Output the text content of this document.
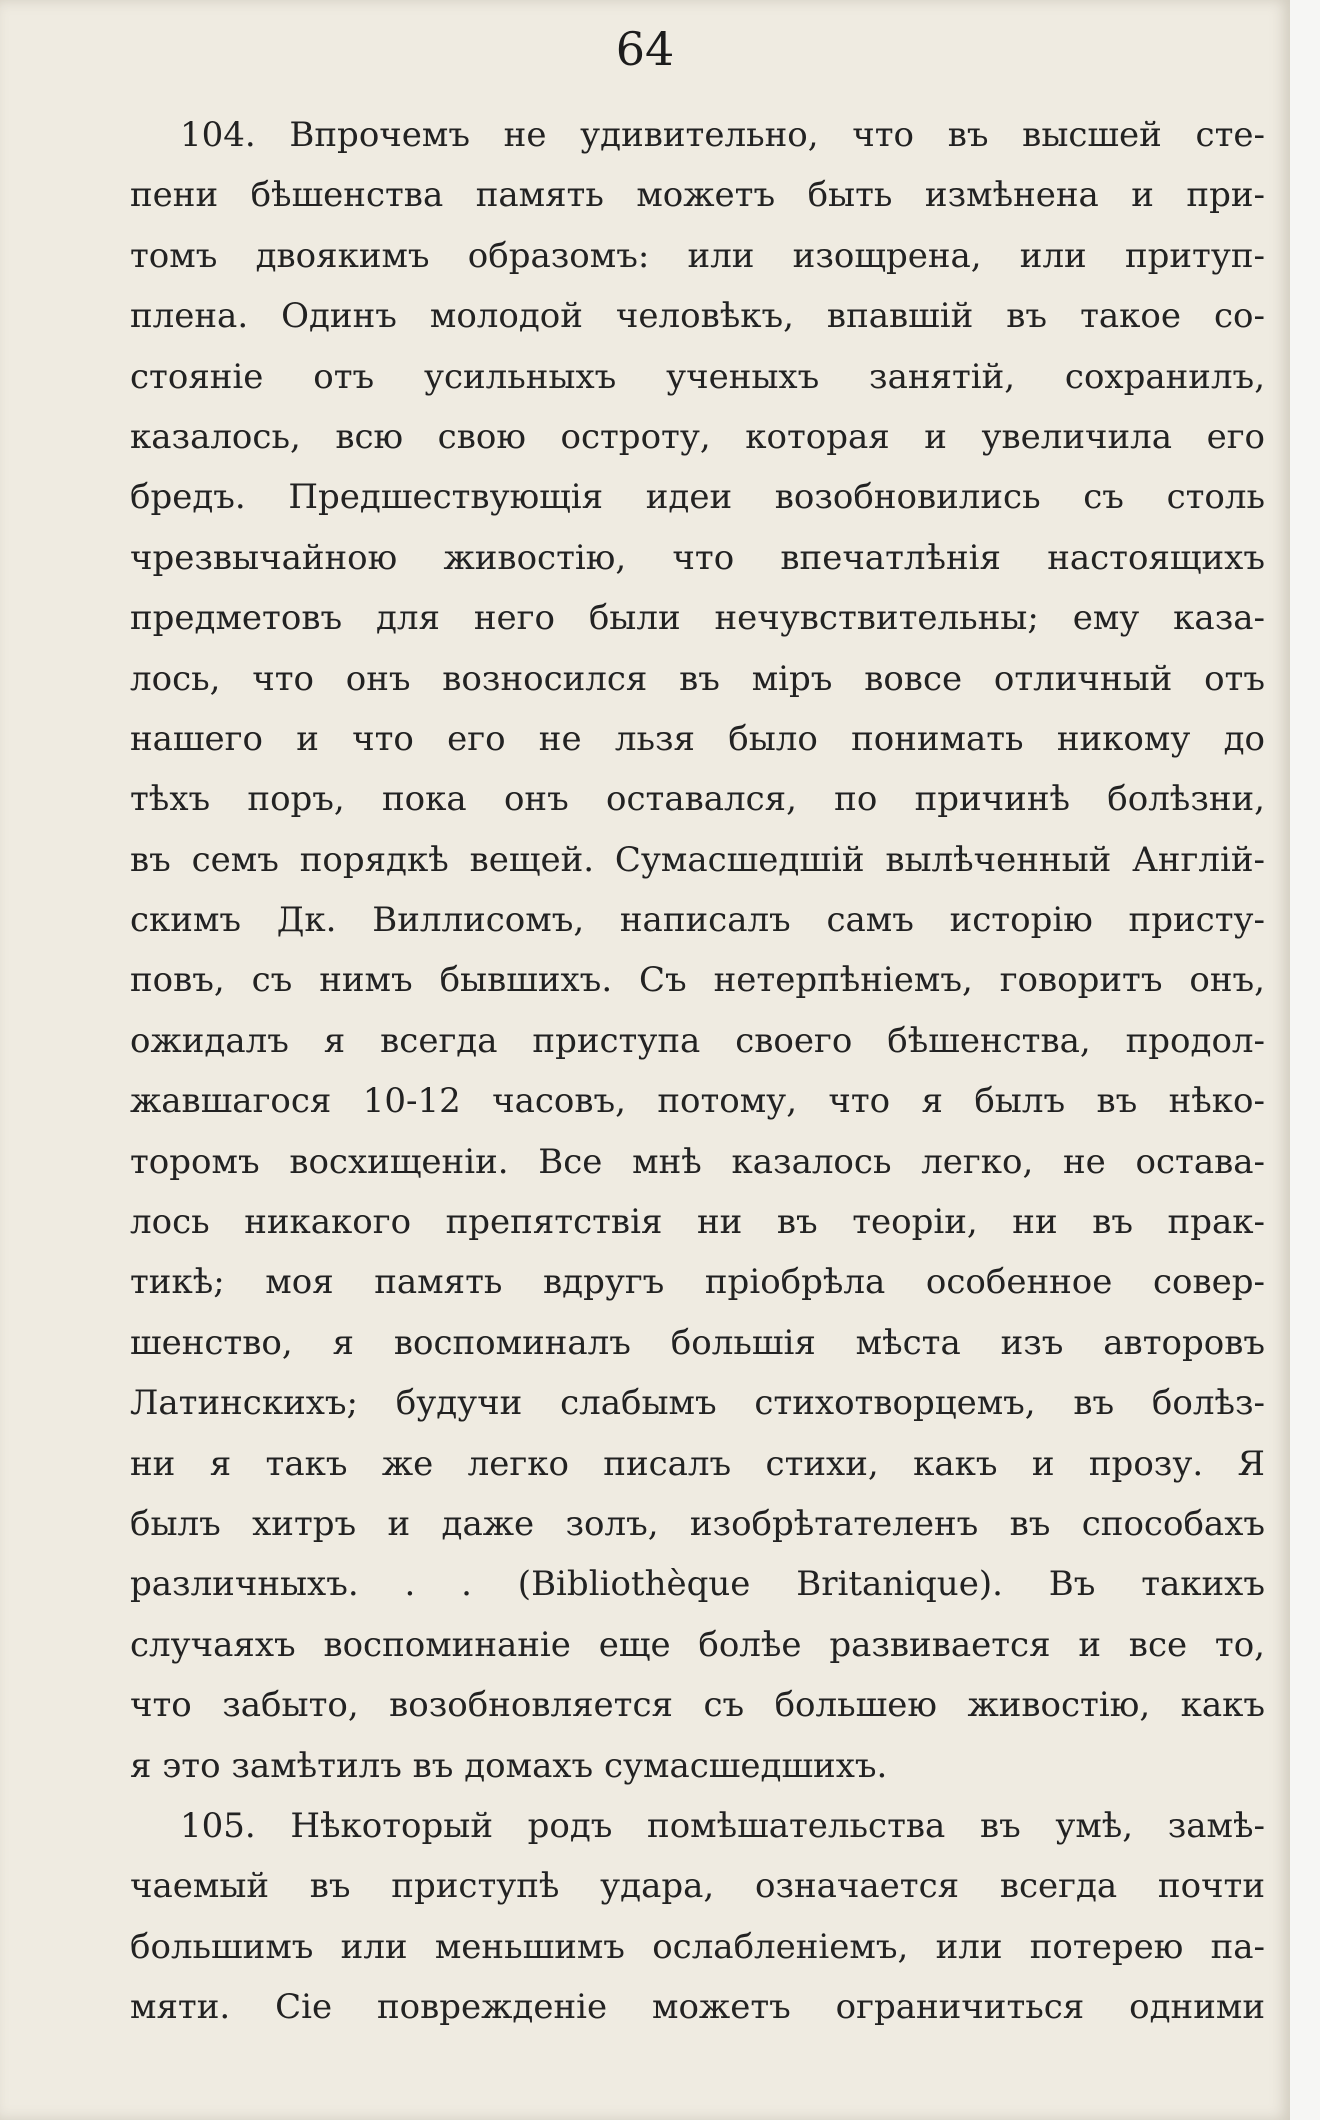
64
104. Впрочемъ не удивительно, что въ высшей сте-
пени бѣшенства память можетъ быть измѣнена и при-
томъ двоякимъ образомъ: или изощрена, или притуп-
плена. Одинъ молодой человѣкъ, впавшій въ такое со-
стояніе отъ усильныхъ ученыхъ занятій, сохранилъ,
казалось, всю свою остроту, которая и увеличила его
бредъ. Предшествующія идеи возобновились съ столь
чрезвычайною живостію, что впечатлѣнія настоящихъ
предметовъ для него были нечувствительны; ему каза-
лось, что онъ возносился въ міръ вовсе отличный отъ
нашего и что его не льзя было понимать никому до
тѣхъ поръ, пока онъ оставался, по причинѣ болѣзни,
въ семъ порядкѣ вещей. Сумасшедшій вылѣченный Англій-
скимъ Дк. Виллисомъ, написалъ самъ исторію присту-
повъ, съ нимъ бывшихъ. Съ нетерпѣніемъ, говоритъ онъ,
ожидалъ я всегда приступа своего бѣшенства, продол-
жавшагося 10-12 часовъ, потому, что я былъ въ нѣко-
торомъ восхищеніи. Все мнѣ казалось легко, не остава-
лось никакого препятствія ни въ теоріи, ни въ прак-
тикѣ; моя память вдругъ пріобрѣла особенное совер-
шенство, я воспоминалъ большія мѣста изъ авторовъ
Латинскихъ; будучи слабымъ стихотворцемъ, въ болѣз-
ни я такъ же легко писалъ стихи, какъ и прозу. Я
былъ хитръ и даже золъ, изобрѣтателенъ въ способахъ
различныхъ. . . (Bibliothèque Britanique). Въ такихъ
случаяхъ воспоминаніе еще болѣе развивается и все то,
что забыто, возобновляется съ большею живостію, какъ
я это замѣтилъ въ домахъ сумасшедшихъ.
105. Нѣкоторый родъ помѣшательства въ умѣ, замѣ-
чаемый въ приступѣ удара, означается всегда почти
большимъ или меньшимъ ослабленіемъ, или потерею па-
мяти. Сіе поврежденіе можетъ ограничиться одними
